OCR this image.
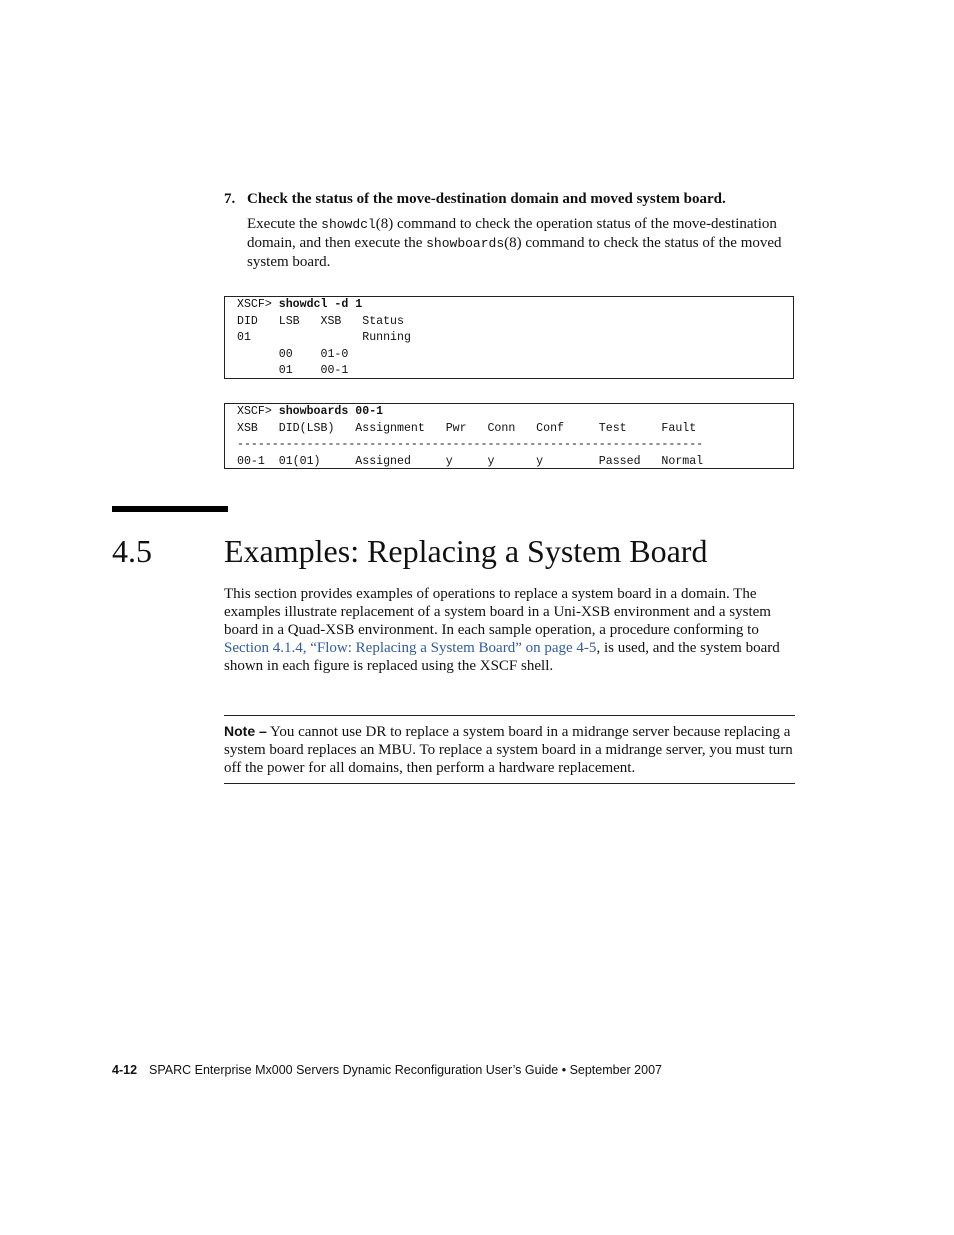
7. Check the status of the move-destination domain and moved system board.
Execute the showdcl(8) command to check the operation status of the move-destination domain, and then execute the showboards(8) command to check the status of the moved system board.
XSCF> showdcl -d 1
DID   LSB   XSB   Status
01                Running
00    01-0
01    00-1
XSCF> showboards 00-1
XSB   DID(LSB)   Assignment   Pwr   Conn   Conf     Test     Fault
-------------------------------------------------------------------
00-1  01(01)     Assigned     y     y      y        Passed   Normal
4.5 Examples: Replacing a System Board
This section provides examples of operations to replace a system board in a domain. The examples illustrate replacement of a system board in a Uni-XSB environment and a system board in a Quad-XSB environment. In each sample operation, a procedure conforming to Section 4.1.4, “Flow: Replacing a System Board” on page 4-5, is used, and the system board shown in each figure is replaced using the XSCF shell.
Note – You cannot use DR to replace a system board in a midrange server because replacing a system board replaces an MBU. To replace a system board in a midrange server, you must turn off the power for all domains, then perform a hardware replacement.
4-12 SPARC Enterprise Mx000 Servers Dynamic Reconfiguration User’s Guide • September 2007
